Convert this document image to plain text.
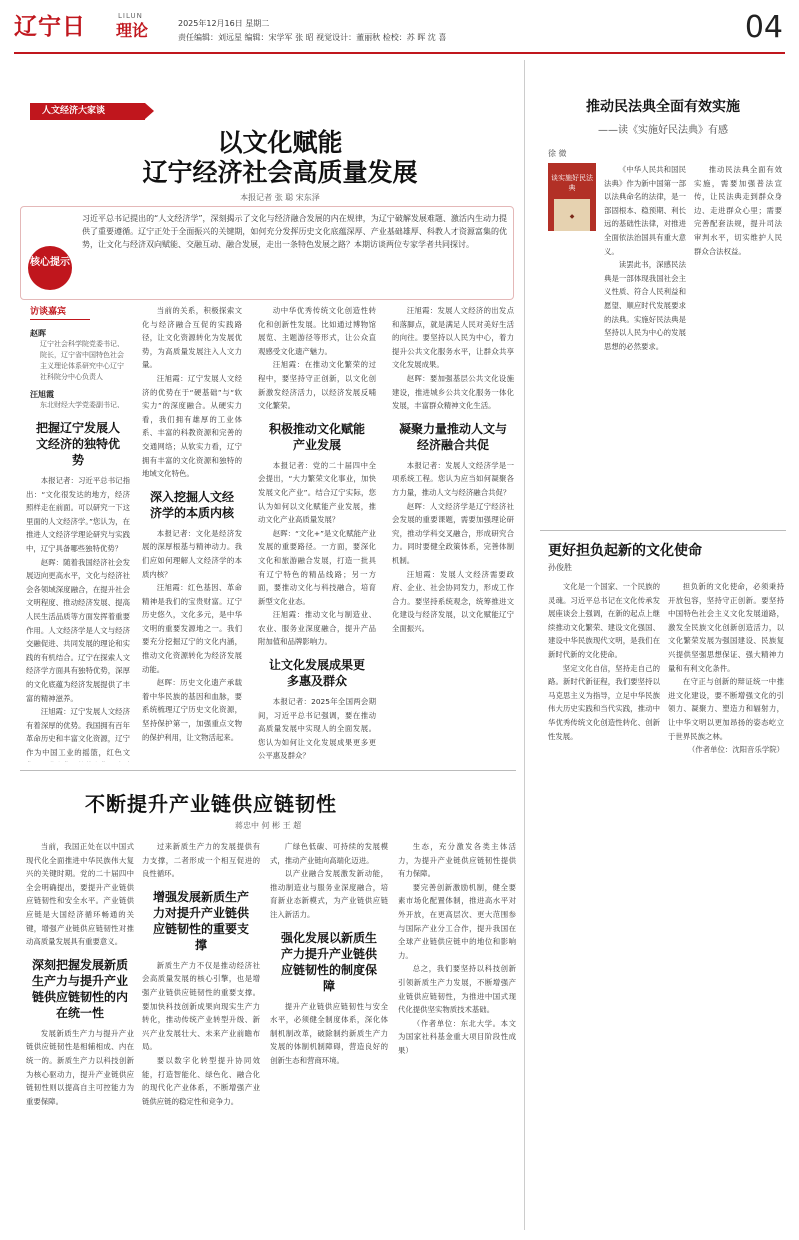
辽宁日	LILUN
理论	2025年12月16日 星期二
责任编辑：刘远星 编辑：宋学军 张 昭 视觉设计：董丽秋 检校：苏 晖 沈 喜	04
人文经济大家谈
以文化赋能
辽宁经济社会高质量发展
本报记者 张 聪 宋东泽
核心提示
习近平总书记提出的“人文经济学”，深刻揭示了文化与经济融合发展的内在规律，为辽宁破解发展难题、激活内生动力提供了重要遵循。辽宁正处于全面振兴的关键期，如何充分发挥历史文化底蕴深厚、产业基础雄厚、科教人才资源富集的优势，让文化与经济双向赋能、交融互动、融合发展，走出一条特色发展之路？本期访谈两位专家学者共同探讨。
访谈嘉宾
赵晖
辽宁社会科学院党委书记、院长，辽宁省中国特色社会主义理论体系研究中心辽宁社科院分中心负责人
汪旭霞
东北财经大学党委副书记、
把握辽宁发展人文经济的独特优势
本报记者：习近平总书记指出：“文化很发达的地方，经济照样走在前面。可以研究一下这里面的人文经济学。”您认为，在推进人文经济学理论研究与实践中，辽宁具备哪些独特优势？
赵晖：随着我国经济社会发展迈向更高水平，文化与经济社会各领域深度融合，在提升社会文明程度、推动经济发展、提高人民生活品质等方面发挥着重要作用。人文经济学是人文与经济交融促进、共同发展的理论和实践的有机结合。辽宁在探索人文经济学方面具有独特优势，深厚的文化底蕴为经济发展提供了丰富的精神滋养。
汪旭霞：辽宁发展人文经济有着深厚的优势。我国拥有百年革命历史和丰富文化资源，辽宁作为中国工业的摇篮，红色文
当前的关系，积极探索文化与经济融合互促的实践路径，让文化资源转化为发展优势，为高质量发展注入人文力量。
汪旭霞：辽宁发展人文经济的优势在于“硬基础”与“软实力”的深度融合。从硬实力看，我们拥有雄厚的工业体系、丰富的科教资源和完善的交通网络；从软实力看，辽宁拥有丰富的文化资源和独特的地域文化特色。
深入挖掘人文经济学的本质内核
本报记者：文化是经济发展的深厚根基与精神动力。我们应如何理解人文经济学的本质内核？
汪旭霞：红色基因、革命精神是我们的宝贵财富。辽宁历史悠久，文化多元，是中华文明的重要发源地之一。我们要充分挖掘辽宁的文化内涵，推动文化资源转化为经济发展动能。
赵晖：历史文化遗产承载着中华民族的基因和血脉，要系统梳理辽宁历史文化资源，坚持保护第一，加强重点文物的保护利用，让文物活起来。
动中华优秀传统文化创造性转化和创新性发展。比如通过博物馆展览、主题游径等形式，让公众直观感受文化遗产魅力。
汪旭霞：在推动文化繁荣的过程中，要坚持守正创新，以文化创新激发经济活力，以经济发展反哺文化繁荣。
积极推动文化赋能产业发展
本报记者：党的二十届四中全会提出，“大力繁荣文化事业，加快发展文化产业”。结合辽宁实际，您认为如何以文化赋能产业发展，推动文化产业高质量发展？
赵晖：“文化+”是文化赋能产业发展的重要路径。一方面，要深化文化和旅游融合发展，打造一批具有辽宁特色的精品线路；另一方面，要推动文化与科技融合，培育新型文化业态。
汪旭霞：推动文化与制造业、农业、服务业深度融合，提升产品附加值和品牌影响力。
让文化发展成果更多惠及群众
本报记者：2025年全国两会期间，习近平总书记强调，要在推动高质量发展中实现人的全面发展。您认为如何让文化发展成果更多更公平惠及群众？
汪旭霞：发展人文经济的出发点和落脚点，就是满足人民对美好生活的向往。要坚持以人民为中心，着力提升公共文化服务水平，让群众共享文化发展成果。
赵晖：要加强基层公共文化设施建设，推进城乡公共文化服务一体化发展，丰富群众精神文化生活。
凝聚力量推动人文与经济融合共促
本报记者：发展人文经济学是一项系统工程。您认为应当如何凝聚各方力量，推动人文与经济融合共促？
赵晖：人文经济学是辽宁经济社会发展的重要课题，需要加强理论研究，推动学科交叉融合，形成研究合力。同时要健全政策体系，完善体制机制。
汪旭霞：发展人文经济需要政府、企业、社会协同发力，形成工作合力。要坚持系统观念，统筹推进文化建设与经济发展，以文化赋能辽宁全面振兴。
不断提升产业链供应链韧性
蒋忠中 何 彬 王 超
当前，我国正处在以中国式现代化全面推进中华民族伟大复兴的关键时期。党的二十届四中全会明确提出，要提升产业链供应链韧性和安全水平。产业链供应链是大国经济循环畅通的关键，增强产业链供应链韧性对推动高质量发展具有重要意义。
深刻把握发展新质生产力与提升产业链供应链韧性的内在统一性
发展新质生产力与提升产业链供应链韧性是相辅相成、内在统一的。新质生产力以科技创新为核心驱动力，提升产业链供应链韧性则以提高自主可控能力为重要保障。
过来新质生产力的发展提供有力支撑，二者形成一个相互促进的良性循环。
增强发展新质生产力对提升产业链供应链韧性的重要支撑
新质生产力不仅是推动经济社会高质量发展的核心引擎，也是增强产业链供应链韧性的重要支撑。要加快科技创新成果向现实生产力转化，推动传统产业转型升级、新兴产业发展壮大、未来产业前瞻布局。
要以数字化转型提升协同效能，打造智能化、绿色化、融合化的现代化产业体系，不断增强产业链供应链的稳定性和竞争力。
广绿色低碳、可持续的发展模式，推动产业链向高端化迈进。
以产业融合发展激发新动能，推动制造业与服务业深度融合，培育新业态新模式，为产业链供应链注入新活力。
强化发展以新质生产力提升产业链供应链韧性的制度保障
提升产业链供应链韧性与安全水平，必须健全制度体系，深化体制机制改革，破除制约新质生产力发展的体制机制障碍，营造良好的创新生态和营商环境。
生态，充分激发各类主体活力，为提升产业链供应链韧性提供有力保障。
要完善创新激励机制，健全要素市场化配置体制，推进高水平对外开放，在更高层次、更大范围参与国际产业分工合作，提升我国在全球产业链供应链中的地位和影响力。
总之，我们要坚持以科技创新引领新质生产力发展，不断增强产业链供应链韧性，为推进中国式现代化提供坚实物质技术基础。
（作者单位：东北大学。本文为国家社科基金重大项目阶段性成果）
推动民法典全面有效实施
——读《实施好民法典》有感
徐 微
谈实施好民法典
◆
《中华人民共和国民法典》作为新中国第一部以法典命名的法律，是一部固根本、稳预期、利长远的基础性法律，对推进全面依法治国具有重大意义。
读罢此书，深感民法典是一部体现我国社会主义性质、符合人民利益和愿望、顺应时代发展要求的法典。实施好民法典是坚持以人民为中心的发展思想的必然要求。
推动民法典全面有效实施，需要加强普法宣传，让民法典走到群众身边、走进群众心里；需要完善配套法规，提升司法审判水平，切实维护人民群众合法权益。
更好担负起新的文化使命
孙俊胜
文化是一个国家、一个民族的灵魂。习近平总书记在文化传承发展座谈会上强调，在新的起点上继续推动文化繁荣、建设文化强国、建设中华民族现代文明，是我们在新时代新的文化使命。
坚定文化自信，坚持走自己的路。新时代新征程，我们要坚持以马克思主义为指导，立足中华民族伟大历史实践和当代实践，推动中华优秀传统文化创造性转化、创新性发展。
担负新的文化使命，必须秉持开放包容，坚持守正创新。要坚持中国特色社会主义文化发展道路，激发全民族文化创新创造活力，以文化繁荣发展为强国建设、民族复兴提供坚强思想保证、强大精神力量和有利文化条件。
在守正与创新的辩证统一中推进文化建设，要不断增强文化的引领力、凝聚力、塑造力和辐射力，让中华文明以更加昂扬的姿态屹立于世界民族之林。
（作者单位：沈阳音乐学院）
